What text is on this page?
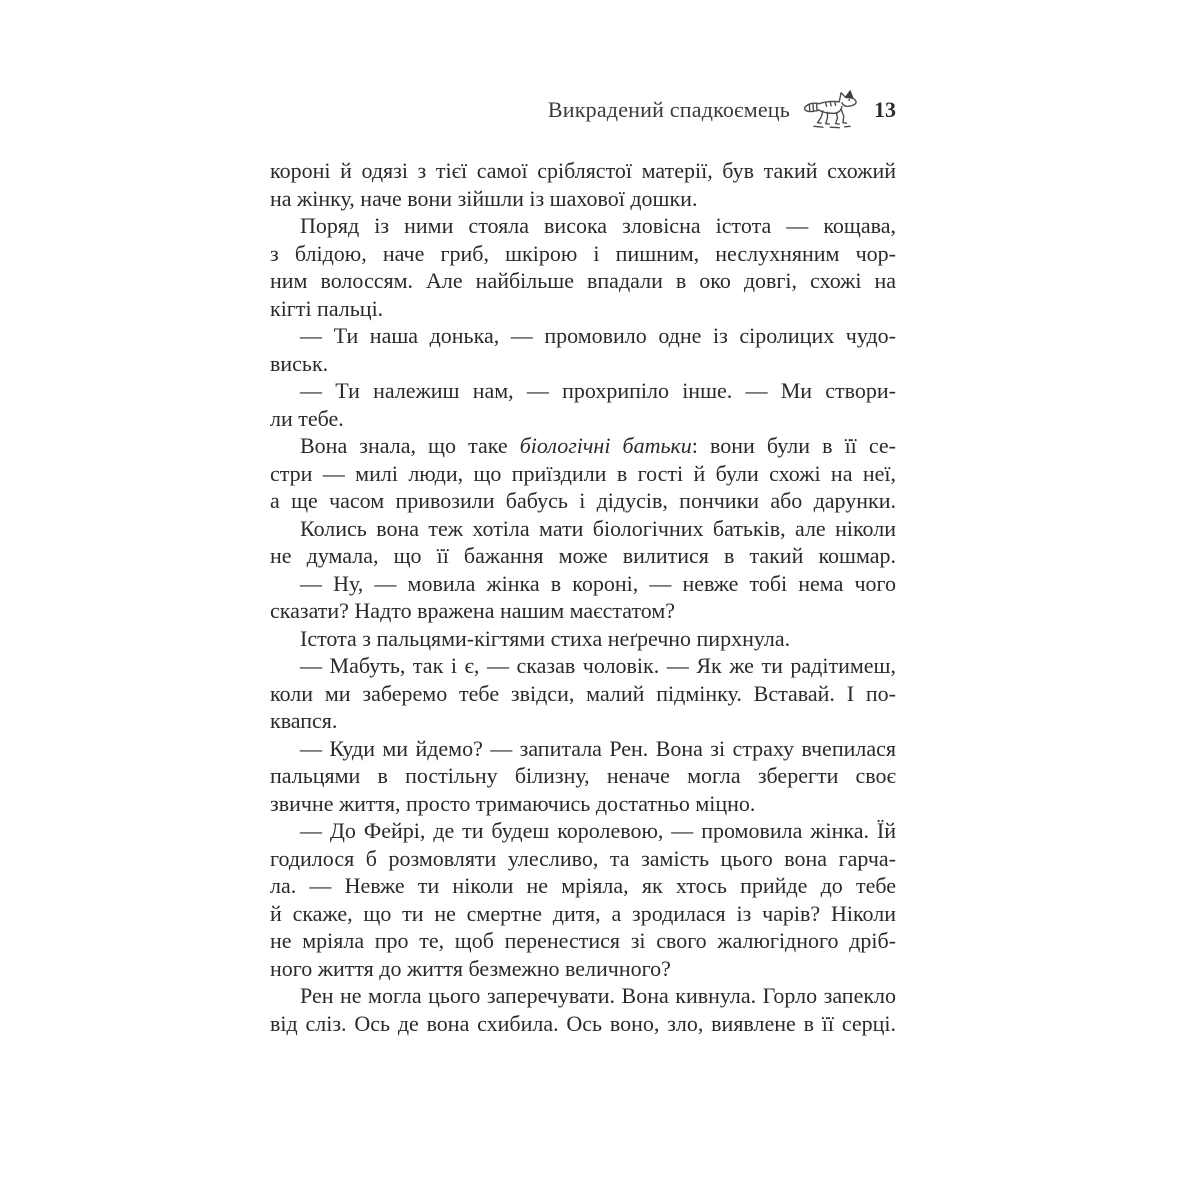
Викрадений спадкоємець	13
короні й одязі з тієї самої сріблястої матерії, був такий схожий
на жінку, наче вони зійшли із шахової дошки.
Поряд із ними стояла висока зловісна істота — кощава,
з блідою, наче гриб, шкірою і пишним, неслухняним чор-
ним волоссям. Але найбільше впадали в око довгі, схожі на
кігті пальці.
— Ти наша донька, — промовило одне із сіролицих чудо-
виськ.
— Ти належиш нам, — прохрипіло інше. — Ми створи-
ли тебе.
Вона знала, що таке біологічні батьки: вони були в її се-
стри — милі люди, що приїздили в гості й були схожі на неї,
а ще часом привозили бабусь і дідусів, пончики або дарунки.
Колись вона теж хотіла мати біологічних батьків, але ніколи
не думала, що її бажання може вилитися в такий кошмар.
— Ну, — мовила жінка в короні, — невже тобі нема чого
сказати? Надто вражена нашим маєстатом?
Істота з пальцями-кігтями стиха неґречно пирхнула.
— Мабуть, так і є, — сказав чоловік. — Як же ти радітимеш,
коли ми заберемо тебе звідси, малий підмінку. Вставай. І по-
квапся.
— Куди ми йдемо? — запитала Рен. Вона зі страху вчепилася
пальцями в постільну білизну, неначе могла зберегти своє
звичне життя, просто тримаючись достатньо міцно.
— До Фейрі, де ти будеш королевою, — промовила жінка. Їй
годилося б розмовляти улесливо, та замість цього вона гарча-
ла. — Невже ти ніколи не мріяла, як хтось прийде до тебе
й скаже, що ти не смертне дитя, а зродилася із чарів? Ніколи
не мріяла про те, щоб перенестися зі свого жалюгідного дріб-
ного життя до життя безмежно величного?
Рен не могла цього заперечувати. Вона кивнула. Горло запекло
від сліз. Ось де вона схибила. Ось воно, зло, виявлене в її серці.
